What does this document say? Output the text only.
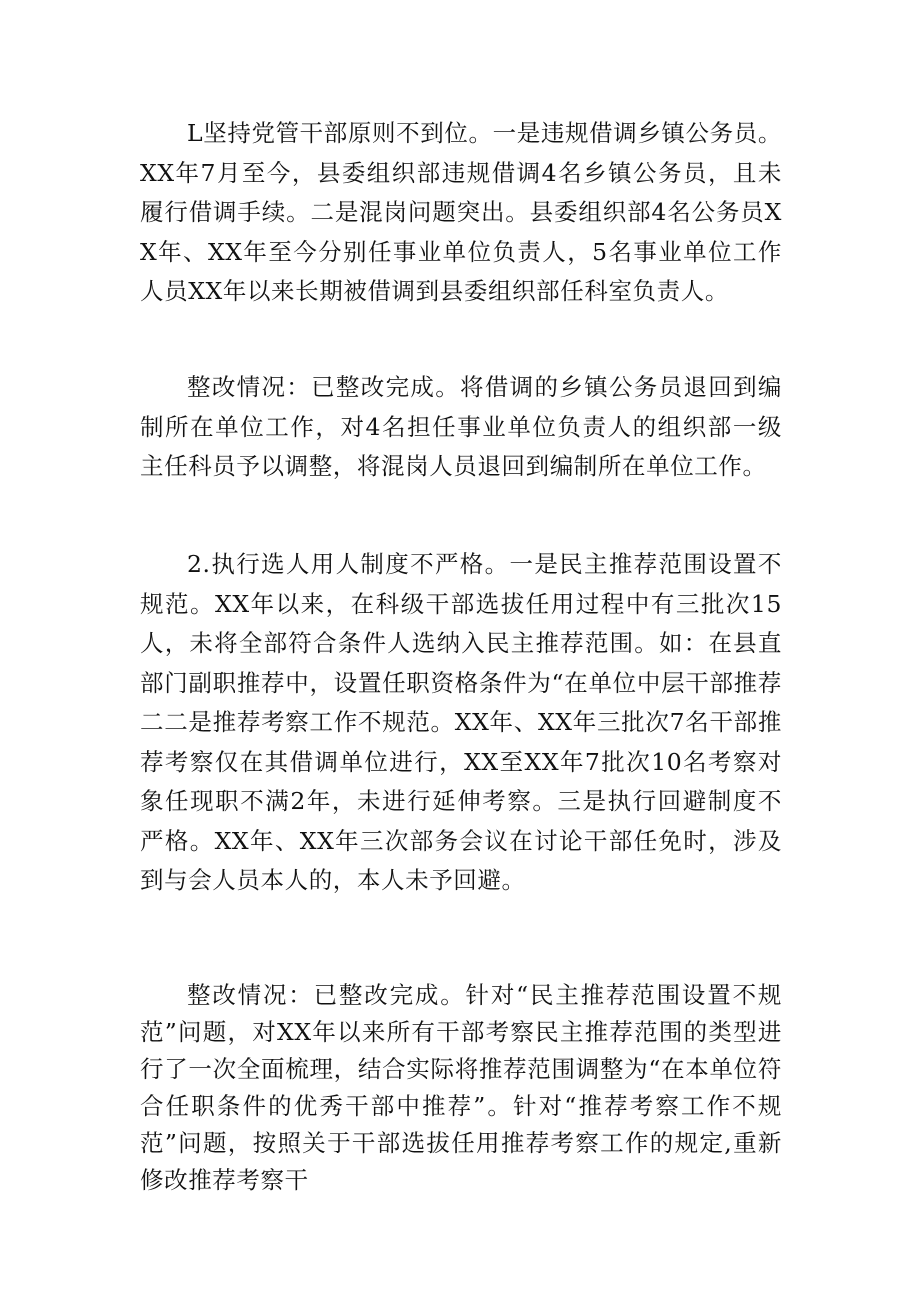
L坚持党管干部原则不到位。一是违规借调乡镇公务员。XX年7月至今，县委组织部违规借调4名乡镇公务员，且未履行借调手续。二是混岗问题突出。县委组织部4名公务员XX年、XX年至今分别任事业单位负责人，5名事业单位工作人员XX年以来长期被借调到县委组织部任科室负责人。

整改情况：已整改完成。将借调的乡镇公务员退回到编制所在单位工作，对4名担任事业单位负责人的组织部一级主任科员予以调整，将混岗人员退回到编制所在单位工作。

2.执行选人用人制度不严格。一是民主推荐范围设置不规范。XX年以来，在科级干部选拔任用过程中有三批次15人，未将全部符合条件人选纳入民主推荐范围。如：在县直部门副职推荐中，设置任职资格条件为“在单位中层干部推荐二二是推荐考察工作不规范。XX年、XX年三批次7名干部推荐考察仅在其借调单位进行，XX至XX年7批次10名考察对象任现职不满2年，未进行延伸考察。三是执行回避制度不严格。XX年、XX年三次部务会议在讨论干部任免时，涉及到与会人员本人的，本人未予回避。

整改情况：已整改完成。针对“民主推荐范围设置不规范”问题，对XX年以来所有干部考察民主推荐范围的类型进行了一次全面梳理，结合实际将推荐范围调整为“在本单位符合任职条件的优秀干部中推荐”。针对“推荐考察工作不规范”问题，按照关于干部选拔任用推荐考察工作的规定,重新修改推荐考察干
